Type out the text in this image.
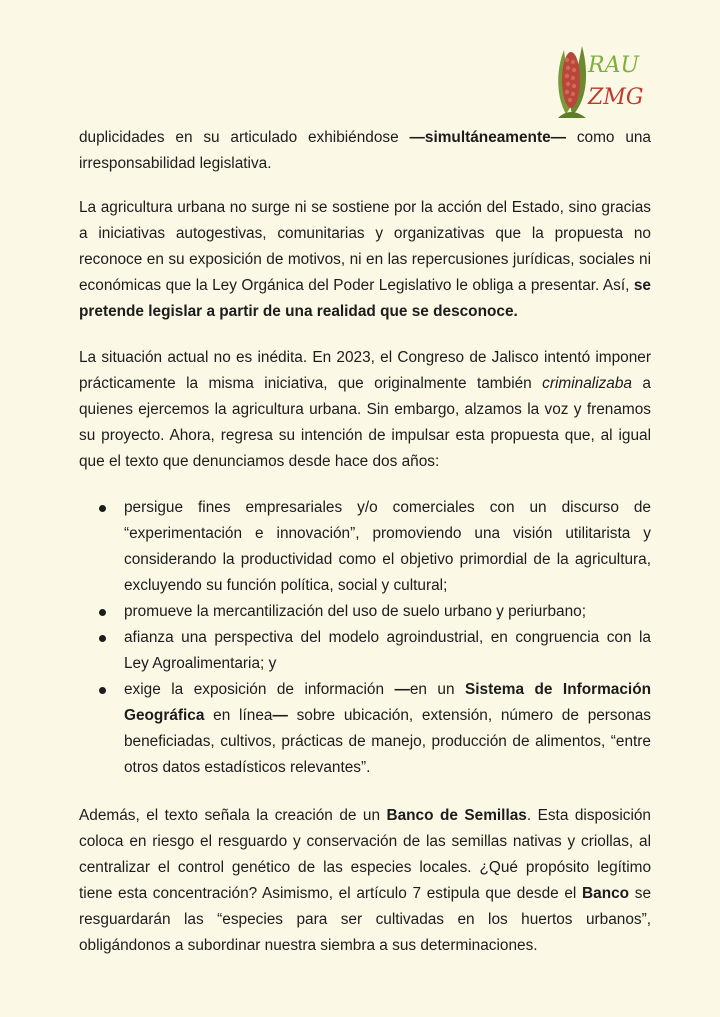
RAU
ZMG

duplicidades en su articulado exhibiéndose —simultáneamente— como una irresponsabilidad legislativa.

La agricultura urbana no surge ni se sostiene por la acción del Estado, sino gracias a iniciativas autogestivas, comunitarias y organizativas que la propuesta no reconoce en su exposición de motivos, ni en las repercusiones jurídicas, sociales ni económicas que la Ley Orgánica del Poder Legislativo le obliga a presentar. Así, se pretende legislar a partir de una realidad que se desconoce.

La situación actual no es inédita. En 2023, el Congreso de Jalisco intentó imponer prácticamente la misma iniciativa, que originalmente también criminalizaba a quienes ejercemos la agricultura urbana. Sin embargo, alzamos la voz y frenamos su proyecto. Ahora, regresa su intención de impulsar esta propuesta que, al igual que el texto que denunciamos desde hace dos años:

persigue fines empresariales y/o comerciales con un discurso de “experimentación e innovación”, promoviendo una visión utilitarista y considerando la productividad como el objetivo primordial de la agricultura, excluyendo su función política, social y cultural;
promueve la mercantilización del uso de suelo urbano y periurbano;
afianza una perspectiva del modelo agroindustrial, en congruencia con la Ley Agroalimentaria; y
exige la exposición de información —en un Sistema de Información Geográfica en línea— sobre ubicación, extensión, número de personas beneficiadas, cultivos, prácticas de manejo, producción de alimentos, “entre otros datos estadísticos relevantes”.

Además, el texto señala la creación de un Banco de Semillas. Esta disposición coloca en riesgo el resguardo y conservación de las semillas nativas y criollas, al centralizar el control genético de las especies locales. ¿Qué propósito legítimo tiene esta concentración? Asimismo, el artículo 7 estipula que desde el Banco se resguardarán las “especies para ser cultivadas en los huertos urbanos”, obligándonos a subordinar nuestra siembra a sus determinaciones.
